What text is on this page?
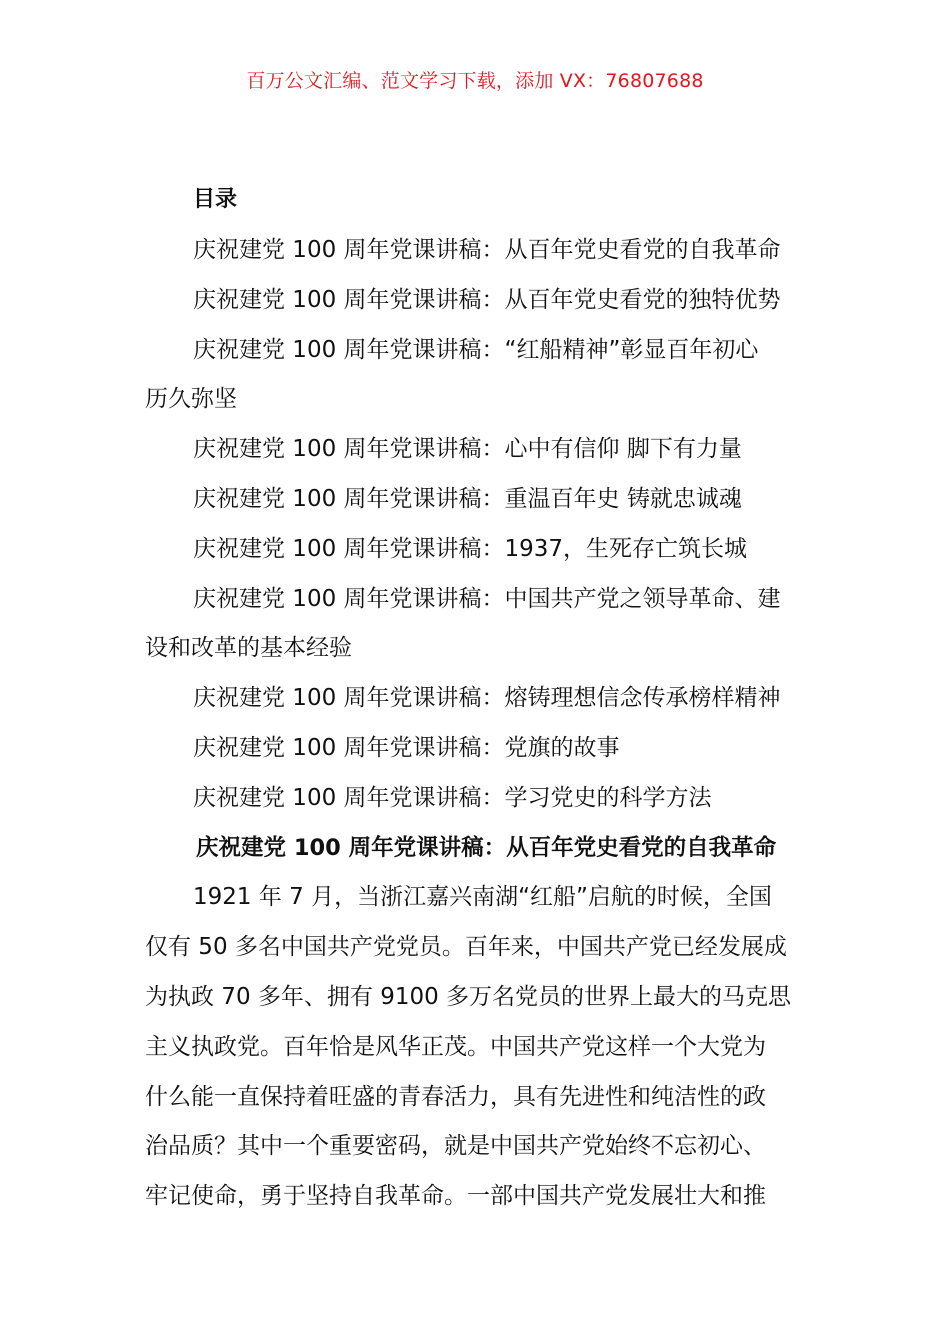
百万公文汇编、范文学习下载，添加 VX：76807688
目录
庆祝建党 100 周年党课讲稿：从百年党史看党的自我革命
庆祝建党 100 周年党课讲稿：从百年党史看党的独特优势
庆祝建党 100 周年党课讲稿：“红船精神”彰显百年初心
历久弥坚
庆祝建党 100 周年党课讲稿：心中有信仰 脚下有力量
庆祝建党 100 周年党课讲稿：重温百年史 铸就忠诚魂
庆祝建党 100 周年党课讲稿：1937，生死存亡筑长城
庆祝建党 100 周年党课讲稿：中国共产党之领导革命、建
设和改革的基本经验
庆祝建党 100 周年党课讲稿：熔铸理想信念传承榜样精神
庆祝建党 100 周年党课讲稿：党旗的故事
庆祝建党 100 周年党课讲稿：学习党史的科学方法
庆祝建党 100 周年党课讲稿：从百年党史看党的自我革命
1921 年 7 月，当浙江嘉兴南湖“红船”启航的时候，全国
仅有 50 多名中国共产党党员。百年来，中国共产党已经发展成
为执政 70 多年、拥有 9100 多万名党员的世界上最大的马克思
主义执政党。百年恰是风华正茂。中国共产党这样一个大党为
什么能一直保持着旺盛的青春活力，具有先进性和纯洁性的政
治品质？其中一个重要密码，就是中国共产党始终不忘初心、
牢记使命，勇于坚持自我革命。一部中国共产党发展壮大和推
